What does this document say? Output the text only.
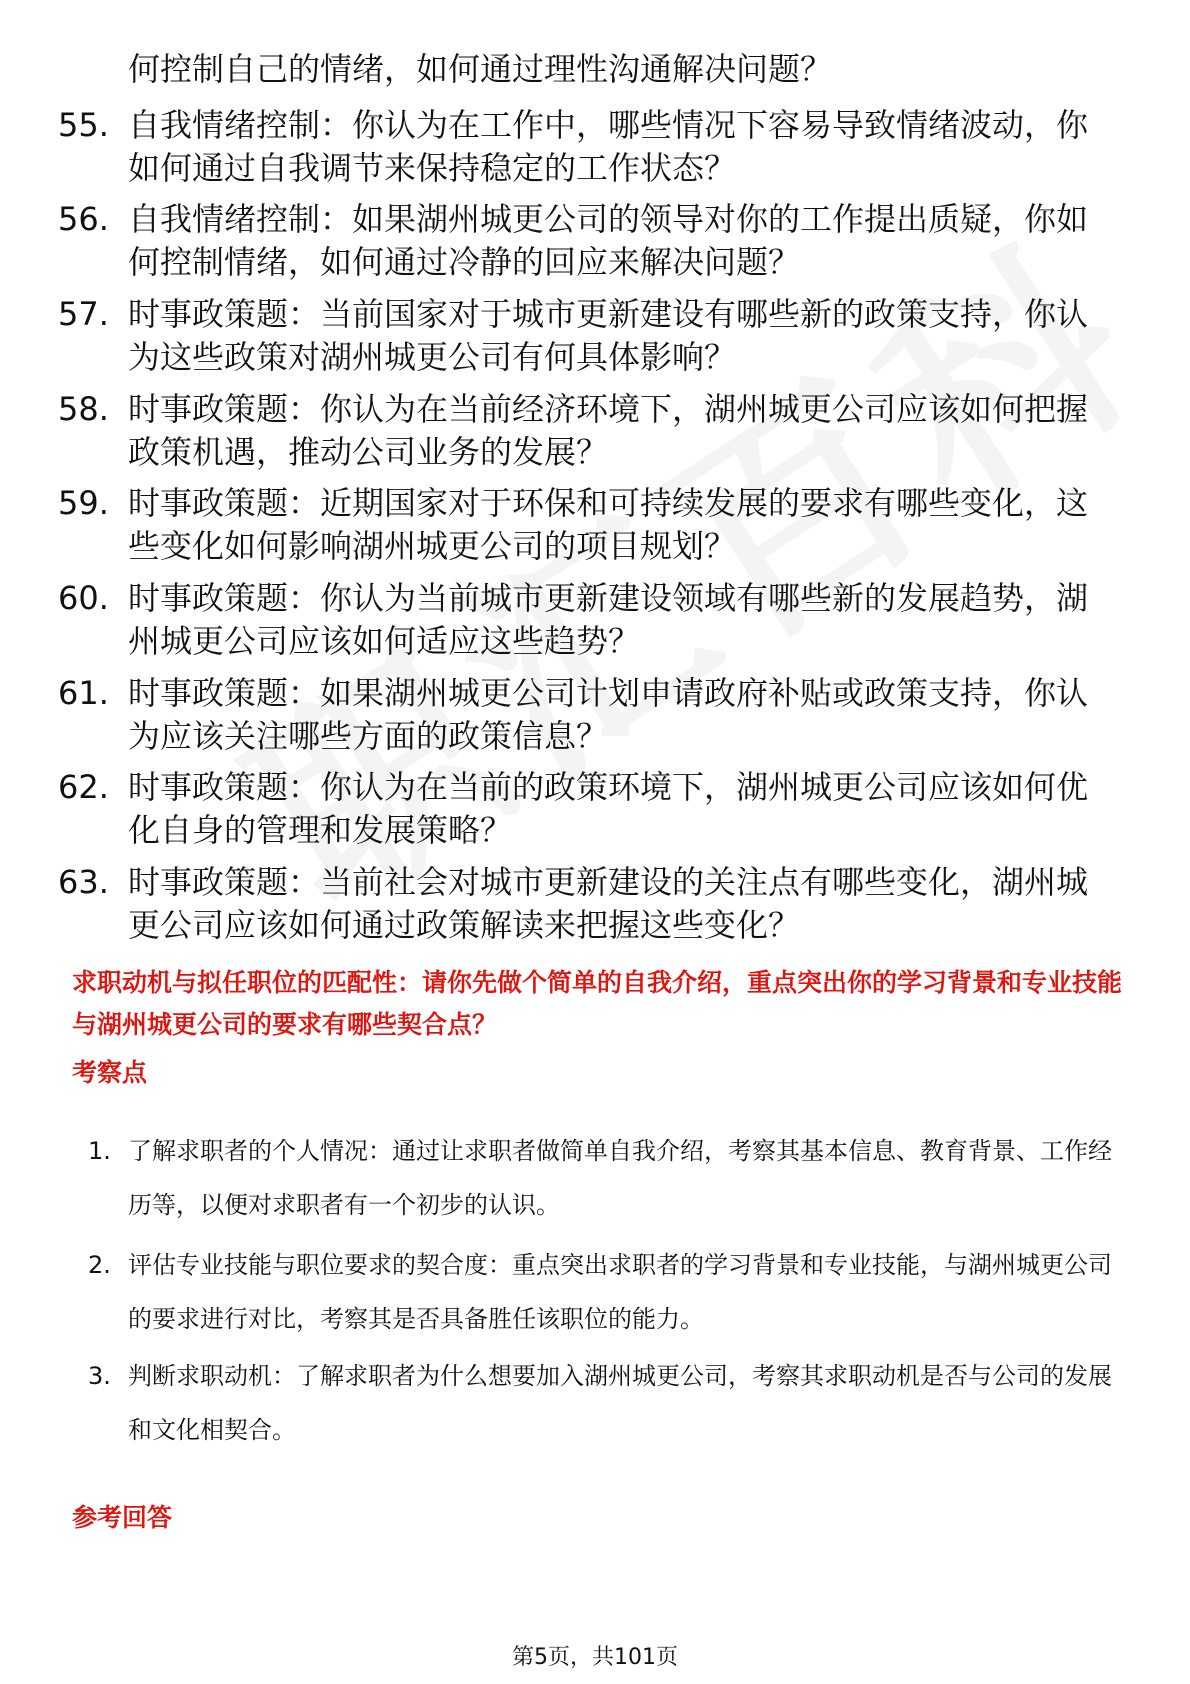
何控制自己的情绪，如何通过理性沟通解决问题？
55. 自我情绪控制：你认为在工作中，哪些情况下容易导致情绪波动，你如何通过自我调节来保持稳定的工作状态？
56. 自我情绪控制：如果湖州城更公司的领导对你的工作提出质疑，你如何控制情绪，如何通过冷静的回应来解决问题？
57. 时事政策题：当前国家对于城市更新建设有哪些新的政策支持，你认为这些政策对湖州城更公司有何具体影响？
58. 时事政策题：你认为在当前经济环境下，湖州城更公司应该如何把握政策机遇，推动公司业务的发展？
59. 时事政策题：近期国家对于环保和可持续发展的要求有哪些变化，这些变化如何影响湖州城更公司的项目规划？
60. 时事政策题：你认为当前城市更新建设领域有哪些新的发展趋势，湖州城更公司应该如何适应这些趋势？
61. 时事政策题：如果湖州城更公司计划申请政府补贴或政策支持，你认为应该关注哪些方面的政策信息？
62. 时事政策题：你认为在当前的政策环境下，湖州城更公司应该如何优化自身的管理和发展策略？
63. 时事政策题：当前社会对城市更新建设的关注点有哪些变化，湖州城更公司应该如何通过政策解读来把握这些变化？
求职动机与拟任职位的匹配性：请你先做个简单的自我介绍，重点突出你的学习背景和专业技能与湖州城更公司的要求有哪些契合点？
考察点
1. 了解求职者的个人情况：通过让求职者做简单自我介绍，考察其基本信息、教育背景、工作经历等，以便对求职者有一个初步的认识。
2. 评估专业技能与职位要求的契合度：重点突出求职者的学习背景和专业技能，与湖州城更公司的要求进行对比，考察其是否具备胜任该职位的能力。
3. 判断求职动机：了解求职者为什么想要加入湖州城更公司，考察其求职动机是否与公司的发展和文化相契合。
参考回答
第5页，共101页
